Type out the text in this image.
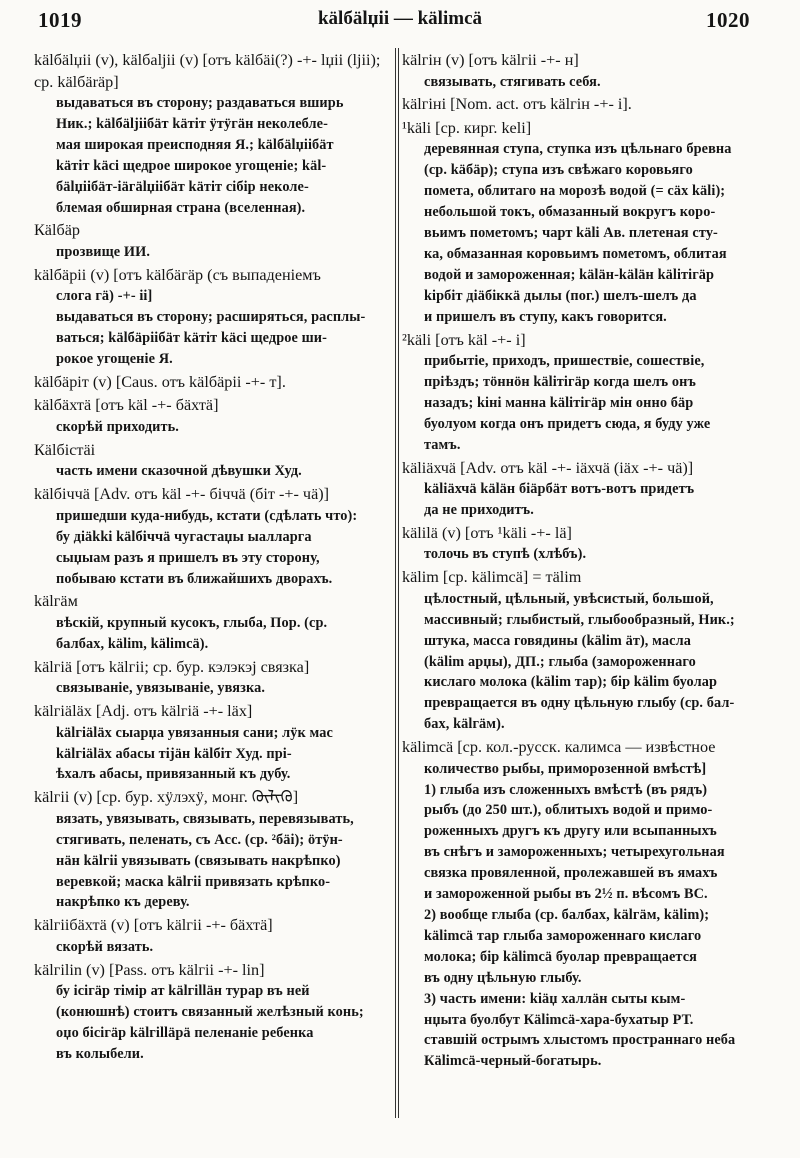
1019	kӓlбӓlџii — kӓlimсӓ	1020
kӓlбӓlџii (v), kӓlбaljii (v) [отъ kӓlбӓi(?) -+- lџii (ljii); ср. kӓlбӓrӓр]
выдаваться въ сторону; раздаваться вширь
Ник.; kӓlбӓljiiбӓт kӓтiт ӱтӱгӓн неколебле-
мая широкая преисподняя Я.; kӓlбӓlџiiбӓт
kӓтiт kӓсі щедрое широкое угощеніе; kӓl-
бӓlџiiбӓт-iӓгӓlџiiбӓт kӓтiт сiбip неколе-
блемая обширная страна (вселенная).
Кӓlбӓр
прозвище ИИ.
kӓlбӓрii (v) [отъ kӓlбӓгӓр (съ выпаденіемъ
слога гӓ) -+- ii]
выдаваться въ сторону; расширяться, расплы-
ваться; kӓlбӓрiiбӓт kӓтiт kӓсі щедрое ши-
рокое угощеніе Я.
kӓlбӓрiт (v) [Caus. отъ kӓlбӓрii -+- т].
kӓlбӓхтӓ [отъ kӓl -+- бӓхтӓ]
скорѣй приходить.
Кӓlбiстӓi
часть имени сказочной дѣвушки Худ.
kӓlбiччӓ [Adv. отъ kӓl -+- бiччӓ (бiт -+- чӓ)]
пришедши куда-нибудь, кстати (сдѣлать что):
бу дiӓkki kӓlбiччӓ чугастаџы ыалларга
сыџыам разъ я пришелъ въ эту сторону,
побываю кстати въ ближайшихъ дворахъ.
kӓlгӓм
вѣскій, крупный кусокъ, глыба, Пор. (ср.
балбах, kӓlim, kӓlimсӓ).
kӓlгiӓ [отъ kӓlгii; ср. бур. кэлэкэj связка]
связываніе, увязываніе, увязка.
kӓlгiӓlӓх [Adj. отъ kӓlгiӓ -+- lӓх]
kӓlгiӓlӓх сыарџа увязанныя сани; лӱк мас
kӓlгiӓlӓх абасы тiјӓн kӓlбiт Худ. прi-
ѣхалъ абасы, привязанный къ дубу.
kӓlгii (v) [ср. бур. хӱлэхӱ, монг. ᠬᠦᠯᠢᠬᠦ]
вязать, увязывать, связывать, перевязывать,
стягивать, пеленать, съ Acc. (ср. ²бӓi); ӧтӱн-
нӓн kӓlгii увязывать (связывать накрѣпко)
веревкой; маска kӓlгii привязать крѣпко-
накрѣпко къ дереву.
kӓlгiiбӓхтӓ (v) [отъ kӓlгii -+- бӓхтӓ]
скорѣй вязать.
kӓlгilin (v) [Pass. отъ kӓlгii -+- lin]
бу iсiгӓр тiмip ат kӓlгillӓн турар въ ней
(конюшнѣ) стоитъ связанный желѣзный конь;
оџо бiсiгӓр kӓlгillӓрӓ пеленаніе ребенка
въ колыбели.
kӓlгiн (v) [отъ kӓlгii -+- н]
связывать, стягивать себя.
kӓlгiнi [Nom. act. отъ kӓlгiн -+- i].
¹kӓli [ср. кирг. keli]
деревянная ступа, ступка изъ цѣльнаго бревна
(ср. kӓбӓр); ступа изъ свѣжаго коровьяго
помета, облитаго на морозѣ водой (= сӓх kӓli);
небольшой токъ, обмазанный вокругъ коро-
вьимъ пометомъ; чарт kӓli Ав. плетеная сту-
ка, обмазанная коровьимъ пометомъ, облитая
водой и замороженная; kӓlӓн-kӓlӓн kӓliтiгӓр
kiрбiт дiӓбiккӓ дылы (пог.) шелъ-шелъ да
и пришелъ въ ступу, какъ говорится.
²kӓli [отъ kӓl -+- i]
прибытіе, приходъ, пришествіе, сошествіе,
пріѣздъ; тӧннӧн kӓliтiгӓр когда шелъ онъ
назадъ; kiнi манна kӓliтiгӓр мiн онно бӓр
буолуом когда онъ придетъ сюда, я буду уже
тамъ.
kӓliӓхчӓ [Adv. отъ kӓl -+- iӓхчӓ (iӓх -+- чӓ)]
kӓliӓхчӓ kӓlӓн бiӓрбӓт вотъ-вотъ придетъ
да не приходитъ.
kӓlilӓ (v) [отъ ¹kӓli -+- lӓ]
толочь въ ступѣ (хлѣбъ).
kӓlim [ср. kӓlimсӓ] = тӓlim
цѣлостный, цѣльный, увѣсистый, большой,
массивный; глыбистый, глыбообразный, Ник.;
штука, масса говядины (kӓlim ӓт), масла
(kӓlim арџы), ДП.; глыба (замороженнаго
кислаго молока (kӓlim тар); бiр kӓlim буолар
превращается въ одну цѣльную глыбу (ср. бал-
бах, kӓlгӓм).
kӓlimсӓ [ср. кол.-русск. калимса — извѣстное
количество рыбы, приморозенной вмѣстѣ]
1) глыба изъ сложенныхъ вмѣстѣ (въ рядъ)
рыбъ (до 250 шт.), облитыхъ водой и примо-
роженныхъ другъ къ другу или всыпанныхъ
въ снѣгъ и замороженныхъ; четырехугольная
связка провяленной, пролежавшей въ ямахъ
и замороженной рыбы въ 2½ п. вѣсомъ ВС.
2) вообще глыба (ср. балбах, kӓlгӓм, kӓlim);
kӓlimсӓ тар глыба замороженнаго кислаго
молока; бiр kӓlimсӓ буолар превращается
въ одну цѣльную глыбу.
3) часть имени: kiӓџ халлӓн сыты кым-
нџыта буолбут Кӓlimсӓ-хара-бухатыр РТ.
ставшій острымъ хлыстомъ пространнаго неба
Кӓlimсӓ-черный-богатырь.
